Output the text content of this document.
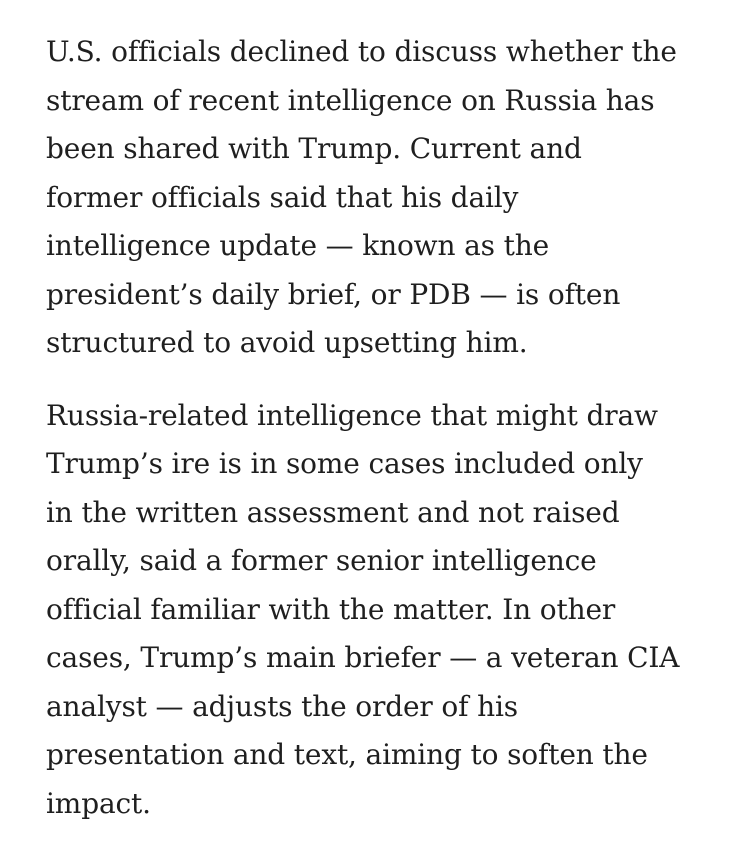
U.S. officials declined to discuss whether the
stream of recent intelligence on Russia has
been shared with Trump. Current and
former officials said that his daily
intelligence update — known as the
president’s daily brief, or PDB — is often
structured to avoid upsetting him.

Russia-related intelligence that might draw
Trump’s ire is in some cases included only
in the written assessment and not raised
orally, said a former senior intelligence
official familiar with the matter. In other
cases, Trump’s main briefer — a veteran CIA
analyst — adjusts the order of his
presentation and text, aiming to soften the
impact.
